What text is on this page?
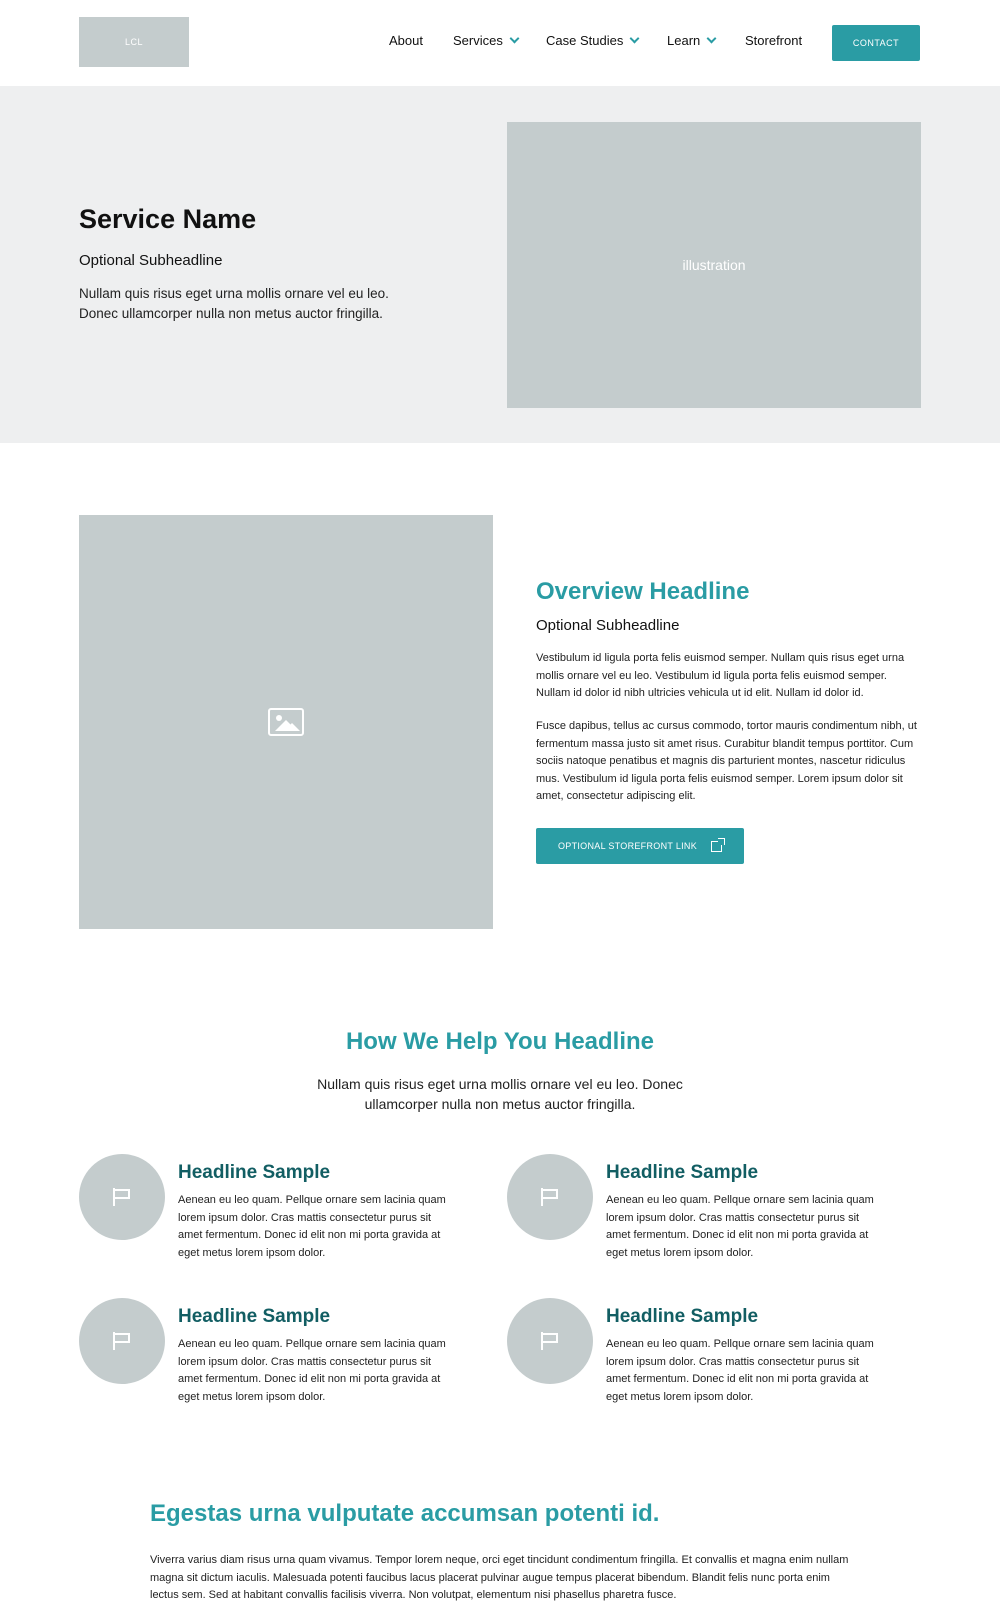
LCL	About Services	Case Studies	Learn	Storefront	CONTACT
Service Name
Optional Subheadline

Nullam quis risus eget urna mollis ornare vel eu leo. Donec ullamcorper nulla non metus auctor fringilla.

illustration
Overview Headline
Optional Subheadline

Vestibulum id ligula porta felis euismod semper. Nullam quis risus eget urna mollis ornare vel eu leo. Vestibulum id ligula porta felis euismod semper. Nullam id dolor id nibh ultricies vehicula ut id elit. Nullam id dolor id.

Fusce dapibus, tellus ac cursus commodo, tortor mauris condimentum nibh, ut fermentum massa justo sit amet risus. Curabitur blandit tempus porttitor. Cum sociis natoque penatibus et magnis dis parturient montes, nascetur ridiculus mus. Vestibulum id ligula porta felis euismod semper. Lorem ipsum dolor sit amet, consectetur adipiscing elit.

OPTIONAL STOREFRONT LINK
How We Help You Headline

Nullam quis risus eget urna mollis ornare vel eu leo. Donec ullamcorper nulla non metus auctor fringilla.

Headline Sample

Aenean eu leo quam. Pellque ornare sem lacinia quam lorem ipsum dolor. Cras mattis consectetur purus sit amet fermentum. Donec id elit non mi porta gravida at eget metus lorem ipsom dolor.

Headline Sample

Aenean eu leo quam. Pellque ornare sem lacinia quam lorem ipsum dolor. Cras mattis consectetur purus sit amet fermentum. Donec id elit non mi porta gravida at eget metus lorem ipsom dolor.

Headline Sample

Aenean eu leo quam. Pellque ornare sem lacinia quam lorem ipsum dolor. Cras mattis consectetur purus sit amet fermentum. Donec id elit non mi porta gravida at eget metus lorem ipsom dolor.

Headline Sample

Aenean eu leo quam. Pellque ornare sem lacinia quam lorem ipsum dolor. Cras mattis consectetur purus sit amet fermentum. Donec id elit non mi porta gravida at eget metus lorem ipsom dolor.

Egestas urna vulputate accumsan potenti id.

Viverra varius diam risus urna quam vivamus. Tempor lorem neque, orci eget tincidunt condimentum fringilla. Et convallis et magna enim nullam magna sit dictum iaculis. Malesuada potenti faucibus lacus placerat pulvinar augue tempus placerat bibendum. Blandit felis nunc porta enim lectus sem. Sed at habitant convallis facilisis viverra. Non volutpat, elementum nisi phasellus pharetra fusce.
